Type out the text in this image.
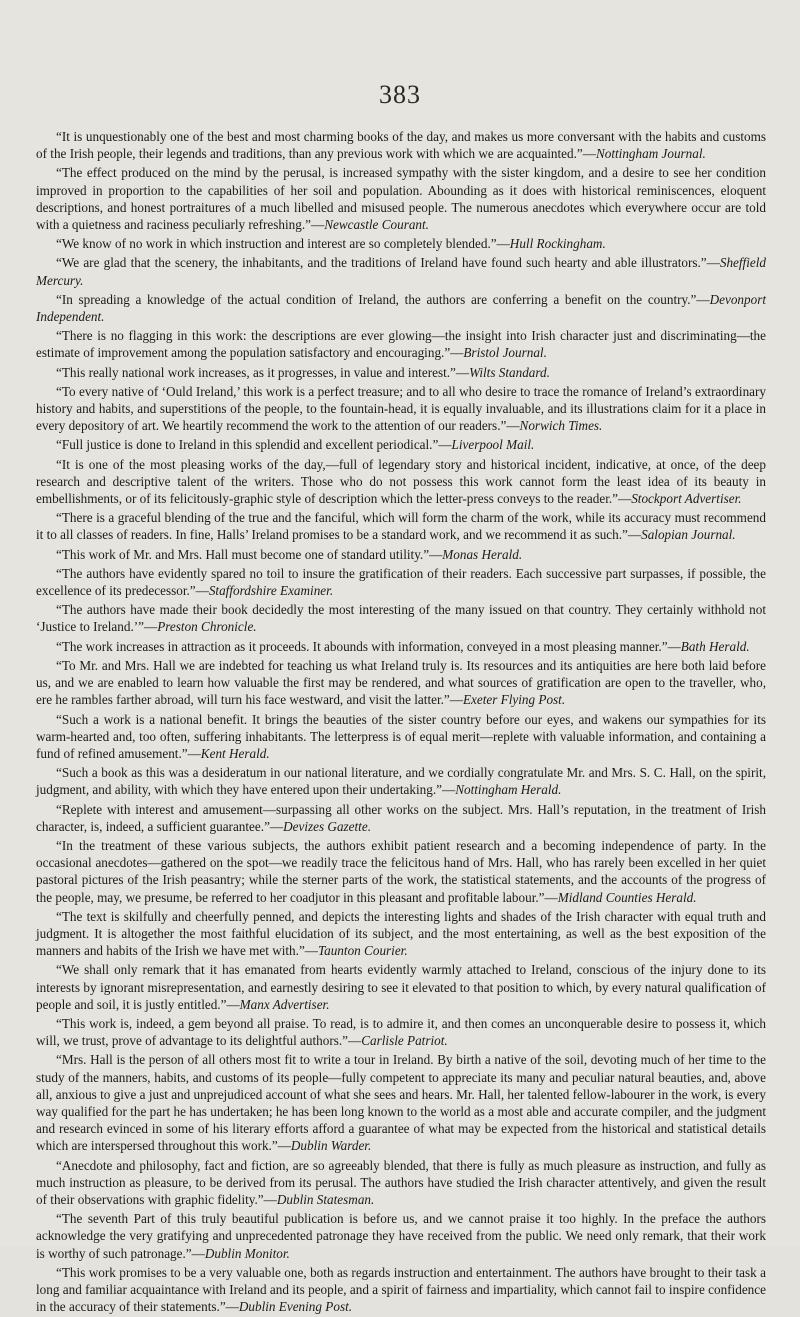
383

“It is unquestionably one of the best and most charming books of the day, and makes us more conversant with the habits and customs of the Irish people, their legends and traditions, than any previous work with which we are acquainted.”—Nottingham Journal.

“The effect produced on the mind by the perusal, is increased sympathy with the sister kingdom, and a desire to see her condition improved in proportion to the capabilities of her soil and population. Abounding as it does with historical reminiscences, eloquent descriptions, and honest portraitures of a much libelled and misused people. The numerous anecdotes which everywhere occur are told with a quietness and raciness peculiarly refreshing.”—Newcastle Courant.

“We know of no work in which instruction and interest are so completely blended.”—Hull Rockingham.

“We are glad that the scenery, the inhabitants, and the traditions of Ireland have found such hearty and able illustrators.”—Sheffield Mercury.

“In spreading a knowledge of the actual condition of Ireland, the authors are conferring a benefit on the country.”—Devonport Independent.

“There is no flagging in this work: the descriptions are ever glowing—the insight into Irish character just and discriminating—the estimate of improvement among the population satisfactory and encouraging.”—Bristol Journal.

“This really national work increases, as it progresses, in value and interest.”—Wilts Standard.

“To every native of ‘Ould Ireland,’ this work is a perfect treasure; and to all who desire to trace the romance of Ireland’s extraordinary history and habits, and superstitions of the people, to the fountain-head, it is equally invaluable, and its illustrations claim for it a place in every depository of art. We heartily recommend the work to the attention of our readers.”—Norwich Times.

“Full justice is done to Ireland in this splendid and excellent periodical.”—Liverpool Mail.

“It is one of the most pleasing works of the day,—full of legendary story and historical incident, indicative, at once, of the deep research and descriptive talent of the writers. Those who do not possess this work cannot form the least idea of its beauty in embellishments, or of its felicitously-graphic style of description which the letter-press conveys to the reader.”—Stockport Advertiser.

“There is a graceful blending of the true and the fanciful, which will form the charm of the work, while its accuracy must recommend it to all classes of readers. In fine, Halls’ Ireland promises to be a standard work, and we recommend it as such.”—Salopian Journal.

“This work of Mr. and Mrs. Hall must become one of standard utility.”—Monas Herald.

“The authors have evidently spared no toil to insure the gratification of their readers. Each successive part surpasses, if possible, the excellence of its predecessor.”—Staffordshire Examiner.

“The authors have made their book decidedly the most interesting of the many issued on that country. They certainly withhold not ‘Justice to Ireland.’”—Preston Chronicle.

“The work increases in attraction as it proceeds. It abounds with information, conveyed in a most pleasing manner.”—Bath Herald.

“To Mr. and Mrs. Hall we are indebted for teaching us what Ireland truly is. Its resources and its antiquities are here both laid before us, and we are enabled to learn how valuable the first may be rendered, and what sources of gratification are open to the traveller, who, ere he rambles farther abroad, will turn his face westward, and visit the latter.”—Exeter Flying Post.

“Such a work is a national benefit. It brings the beauties of the sister country before our eyes, and wakens our sympathies for its warm-hearted and, too often, suffering inhabitants. The letterpress is of equal merit—replete with valuable information, and containing a fund of refined amusement.”—Kent Herald.

“Such a book as this was a desideratum in our national literature, and we cordially congratulate Mr. and Mrs. S. C. Hall, on the spirit, judgment, and ability, with which they have entered upon their undertaking.”—Nottingham Herald.

“Replete with interest and amusement—surpassing all other works on the subject. Mrs. Hall’s reputation, in the treatment of Irish character, is, indeed, a sufficient guarantee.”—Devizes Gazette.

“In the treatment of these various subjects, the authors exhibit patient research and a becoming independence of party. In the occasional anecdotes—gathered on the spot—we readily trace the felicitous hand of Mrs. Hall, who has rarely been excelled in her quiet pastoral pictures of the Irish peasantry; while the sterner parts of the work, the statistical statements, and the accounts of the progress of the people, may, we presume, be referred to her coadjutor in this pleasant and profitable labour.”—Midland Counties Herald.

“The text is skilfully and cheerfully penned, and depicts the interesting lights and shades of the Irish character with equal truth and judgment. It is altogether the most faithful elucidation of its subject, and the most entertaining, as well as the best exposition of the manners and habits of the Irish we have met with.”—Taunton Courier.

“We shall only remark that it has emanated from hearts evidently warmly attached to Ireland, conscious of the injury done to its interests by ignorant misrepresentation, and earnestly desiring to see it elevated to that position to which, by every natural qualification of people and soil, it is justly entitled.”—Manx Advertiser.

“This work is, indeed, a gem beyond all praise. To read, is to admire it, and then comes an unconquerable desire to possess it, which will, we trust, prove of advantage to its delightful authors.”—Carlisle Patriot.

“Mrs. Hall is the person of all others most fit to write a tour in Ireland. By birth a native of the soil, devoting much of her time to the study of the manners, habits, and customs of its people—fully competent to appreciate its many and peculiar natural beauties, and, above all, anxious to give a just and unprejudiced account of what she sees and hears. Mr. Hall, her talented fellow-labourer in the work, is every way qualified for the part he has undertaken; he has been long known to the world as a most able and accurate compiler, and the judgment and research evinced in some of his literary efforts afford a guarantee of what may be expected from the historical and statistical details which are interspersed throughout this work.”—Dublin Warder.

“Anecdote and philosophy, fact and fiction, are so agreeably blended, that there is fully as much pleasure as instruction, and fully as much instruction as pleasure, to be derived from its perusal. The authors have studied the Irish character attentively, and given the result of their observations with graphic fidelity.”—Dublin Statesman.

“The seventh Part of this truly beautiful publication is before us, and we cannot praise it too highly. In the preface the authors acknowledge the very gratifying and unprecedented patronage they have received from the public. We need only remark, that their work is worthy of such patronage.”—Dublin Monitor.

“This work promises to be a very valuable one, both as regards instruction and entertainment. The authors have brought to their task a long and familiar acquaintance with Ireland and its people, and a spirit of fairness and impartiality, which cannot fail to inspire confidence in the accuracy of their statements.”—Dublin Evening Post.
